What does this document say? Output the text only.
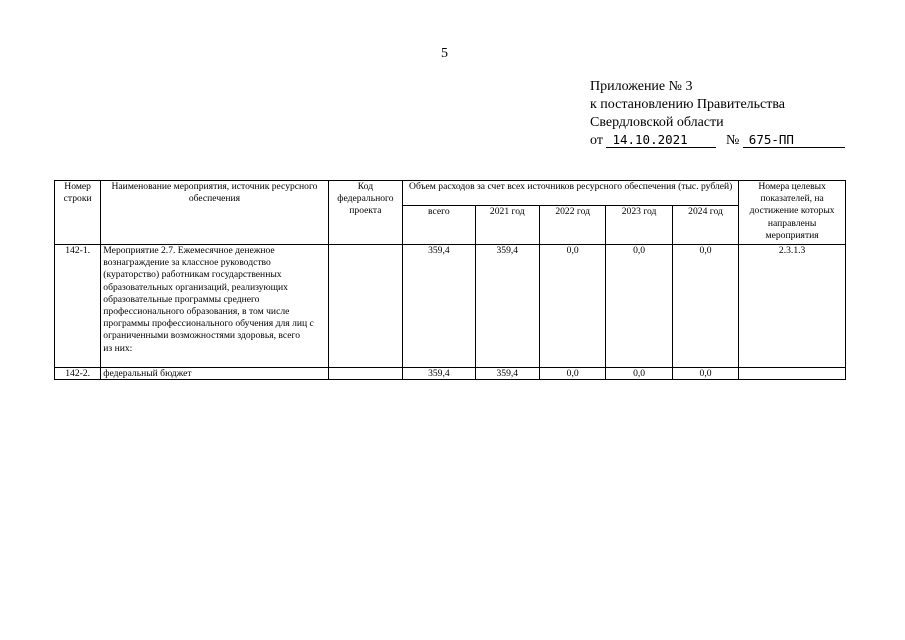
5
Приложение № 3
к постановлению Правительства
Свердловской области
от 14.10.2021	№ 675-ПП
Номер строки	Наименование мероприятия, источник ресурсного обеспечения	Код федерального проекта	Объем расходов за счет всех источников ресурсного обеспечения (тыс. рублей)					Номера целевых показателей, на достижение которых направлены мероприятия
			всего	2021 год	2022 год	2023 год	2024 год	
142-1.	Мероприятие 2.7. Ежемесячное денежное вознаграждение за классное руководство (кураторство) работникам государственных образовательных организаций, реализующих образовательные программы среднего профессионального образования, в том числе программы профессионального обучения для лиц с ограниченными возможностями здоровья, всего
из них:		359,4	359,4	0,0	0,0	0,0	2.3.1.3
142-2.	федеральный бюджет		359,4	359,4	0,0	0,0	0,0	
